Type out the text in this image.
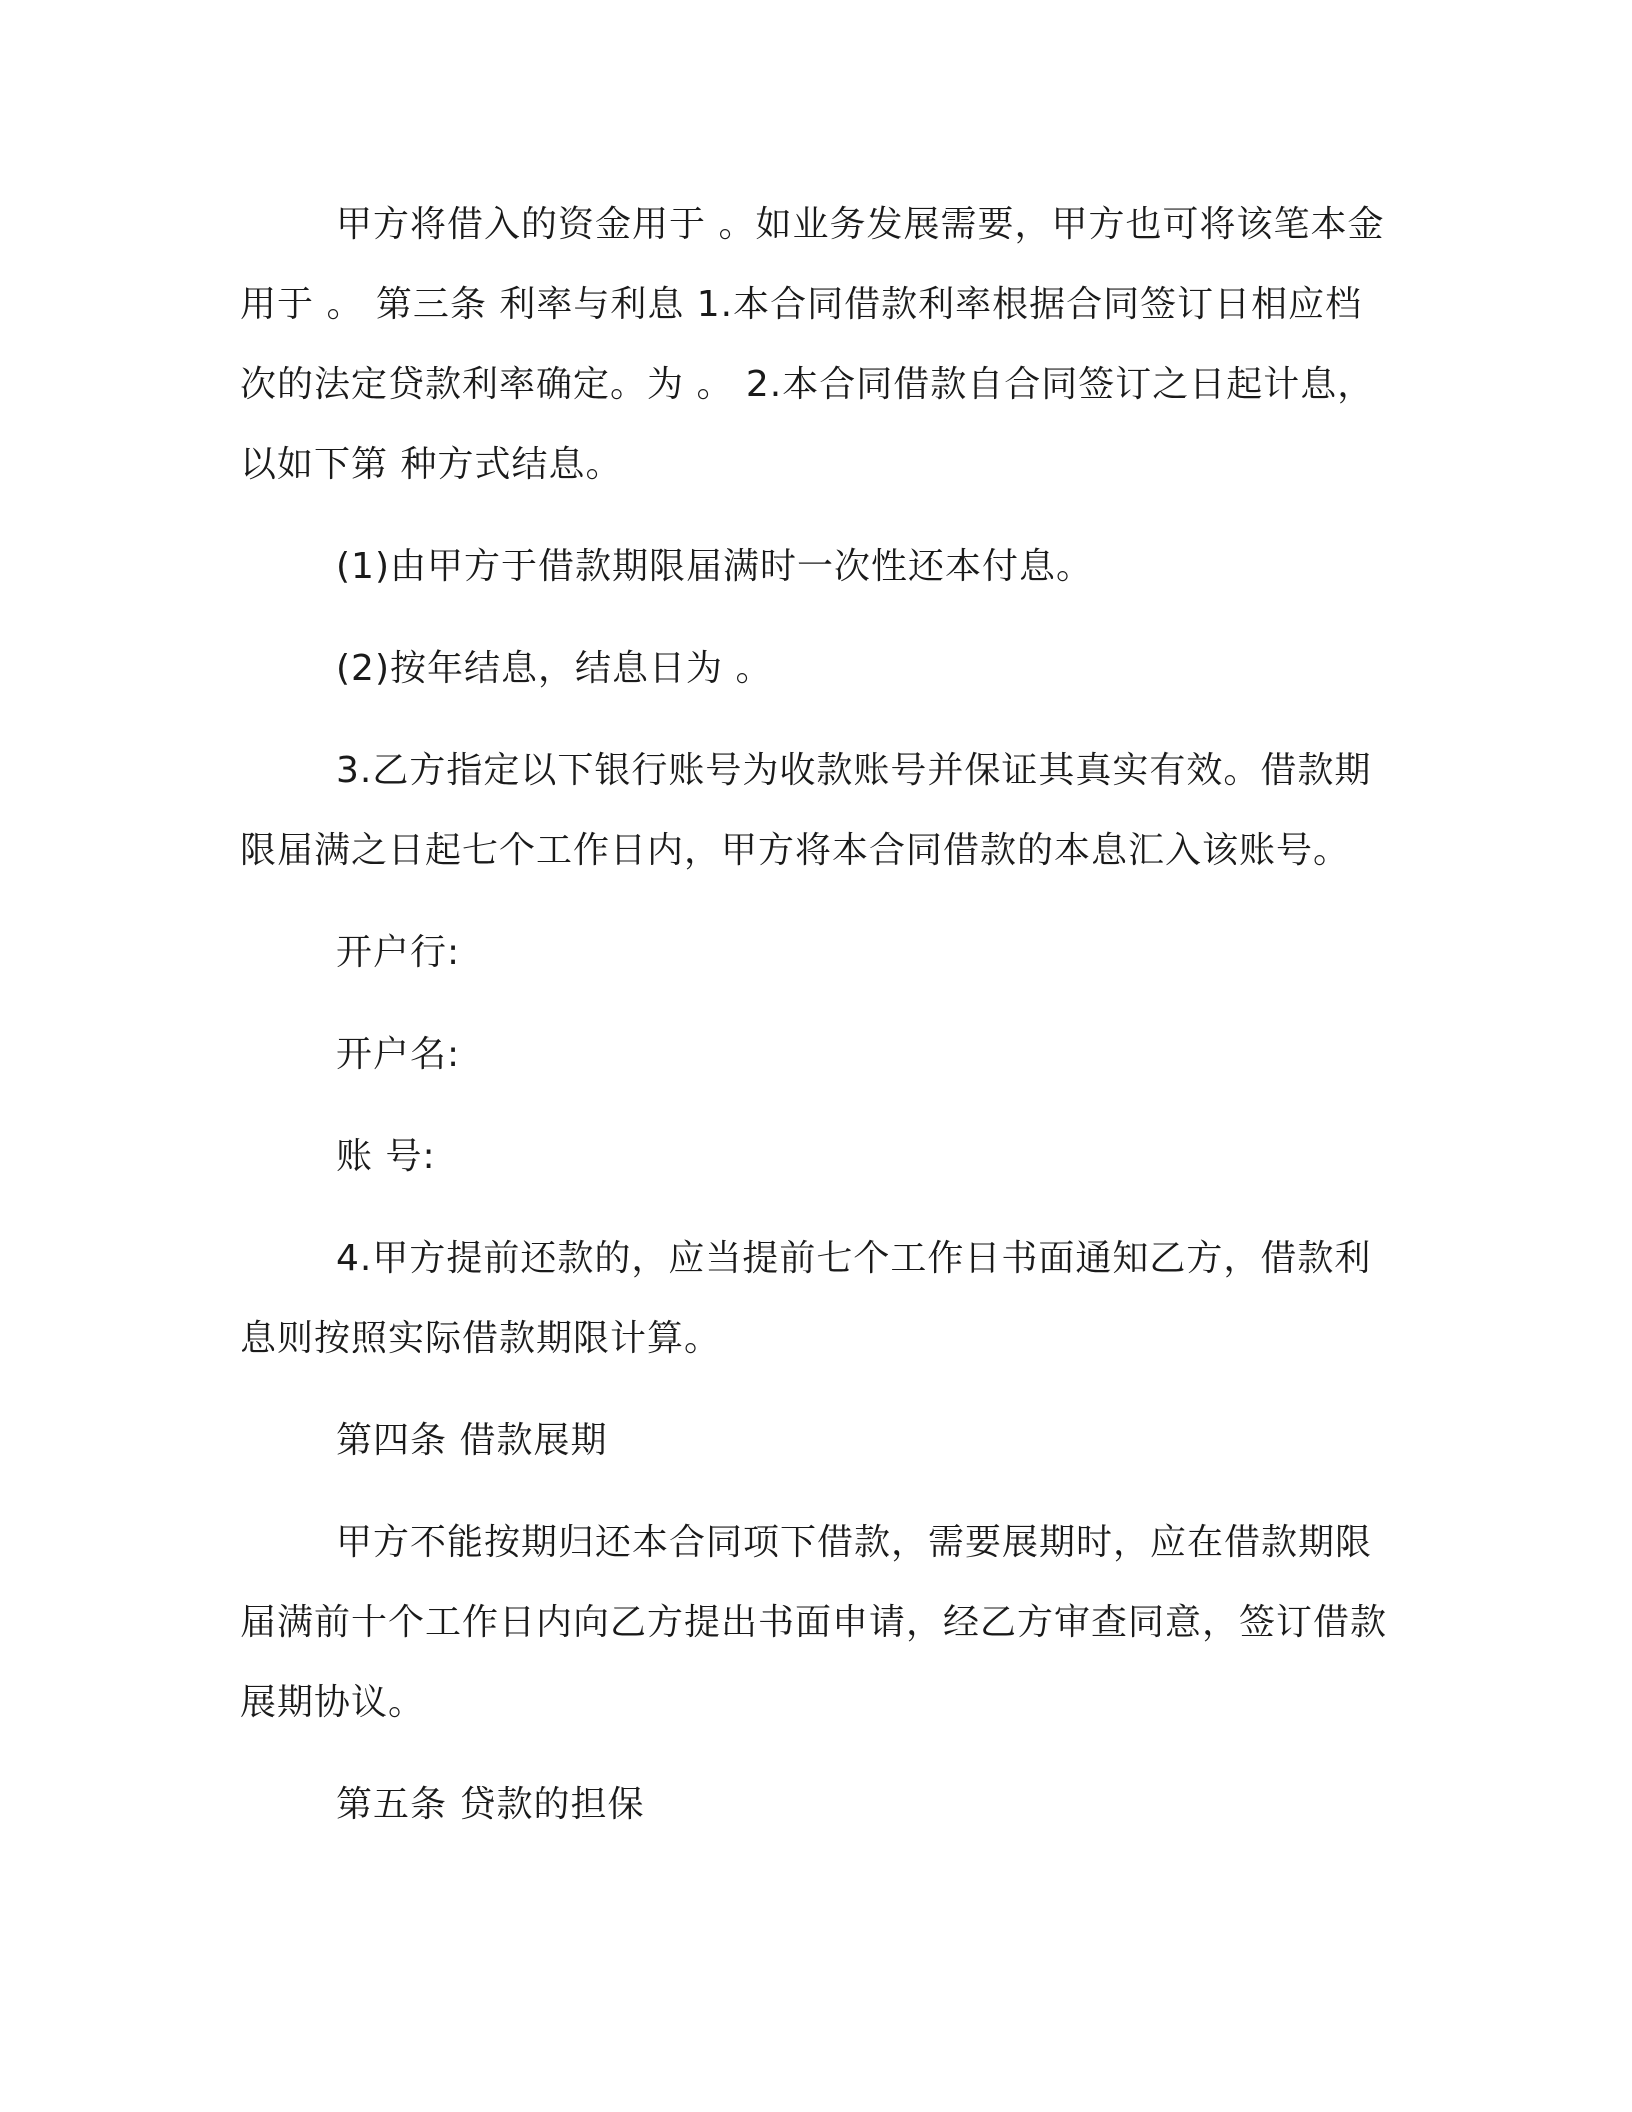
甲方将借入的资金用于 。如业务发展需要，甲方也可将该笔本金用于 。 第三条 利率与利息 1.本合同借款利率根据合同签订日相应档次的法定贷款利率确定。为 。 2.本合同借款自合同签订之日起计息，以如下第 种方式结息。

(1)由甲方于借款期限届满时一次性还本付息。

(2)按年结息，结息日为 。

3.乙方指定以下银行账号为收款账号并保证其真实有效。借款期限届满之日起七个工作日内，甲方将本合同借款的本息汇入该账号。

开户行:

开户名:

账 号:

4.甲方提前还款的，应当提前七个工作日书面通知乙方，借款利息则按照实际借款期限计算。

第四条 借款展期

甲方不能按期归还本合同项下借款，需要展期时，应在借款期限届满前十个工作日内向乙方提出书面申请，经乙方审查同意，签订借款展期协议。

第五条 贷款的担保
